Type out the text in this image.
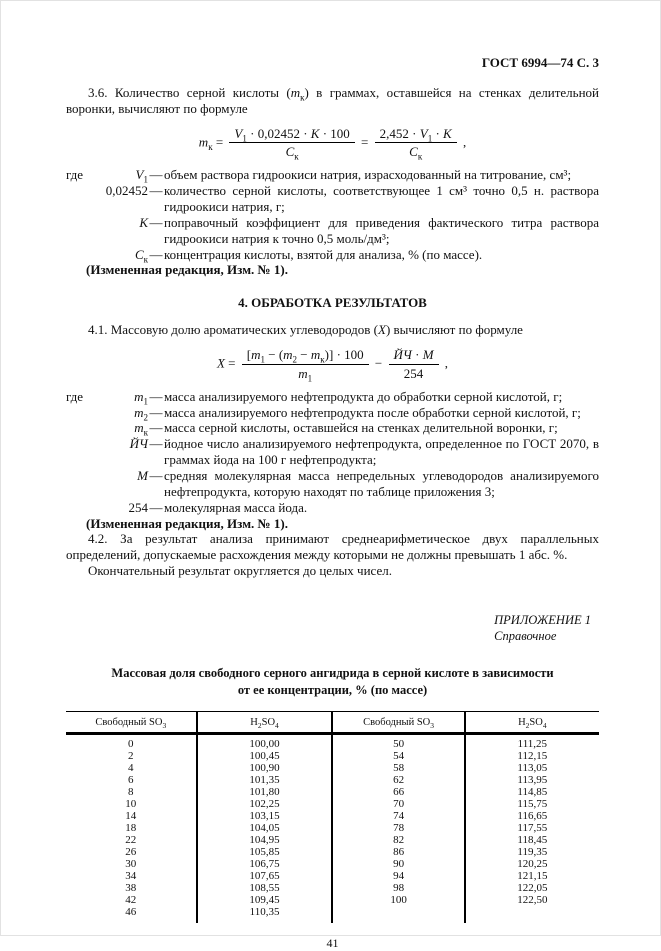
ГОСТ 6994—74 С. 3

3.6. Количество серной кислоты $(m_к)$ в граммах, оставшейся на стенках делительной воронки, вычисляют по формуле

$m_к = \frac{V_1 \cdot 0,02452 \cdot K \cdot 100}{C_к} = \frac{2,452 \cdot V_1 \cdot K}{C_к}$ ,
где	$V_1$ — объем раствора гидроокиси натрия, израсходованный на титрование, см³;
0,02452 — количество серной кислоты, соответствующее 1 см³ точно 0,5 н. раствора гидроокиси натрия, г;
K — поправочный коэффициент для приведения фактического титра раствора гидроокиси натрия к точно 0,5 моль/дм³;
$C_к$ — концентрация кислоты, взятой для анализа, % (по массе).
(Измененная редакция, Изм. № 1).
4. ОБРАБОТКА РЕЗУЛЬТАТОВ

4.1. Массовую долю ароматических углеводородов (X) вычисляют по формуле

$X = \frac{[m_1 - (m_2 - m_к)] \cdot 100}{m_1} - \frac{ЙЧ \cdot M}{254}$ ,
где	$m_1$ — масса анализируемого нефтепродукта до обработки серной кислотой, г;
$m_2$ — масса анализируемого нефтепродукта после обработки серной кислотой, г;
$m_к$ — масса серной кислоты, оставшейся на стенках делительной воронки, г;
ЙЧ — йодное число анализируемого нефтепродукта, определенное по ГОСТ 2070, в граммах йода на 100 г нефтепродукта;
M — средняя молекулярная масса непредельных углеводородов анализируемого нефтепродукта, которую находят по таблице приложения 3;
254 — молекулярная масса йода.
(Измененная редакция, Изм. № 1).

4.2. За результат анализа принимают среднеарифметическое двух параллельных определений, допускаемые расхождения между которыми не должны превышать 1 абс. %.

Окончательный результат округляется до целых чисел.

ПРИЛОЖЕНИЕ 1
Справочное
Массовая доля свободного серного ангидрида в серной кислоте в зависимости
от ее концентрации, % (по массе)
Свободный $SO_3$	$H_2SO_4$	Свободный $SO_3$	$H_2SO_4$
0	100,00	50	111,25
2	100,45	54	112,15
4	100,90	58	113,05
6	101,35	62	113,95
8	101,80	66	114,85
10	102,25	70	115,75
14	103,15	74	116,65
18	104,05	78	117,55
22	104,95	82	118,45
26	105,85	86	119,35
30	106,75	90	120,25
34	107,65	94	121,15
38	108,55	98	122,05
42	109,45	100	122,50
46	110,35		
41
